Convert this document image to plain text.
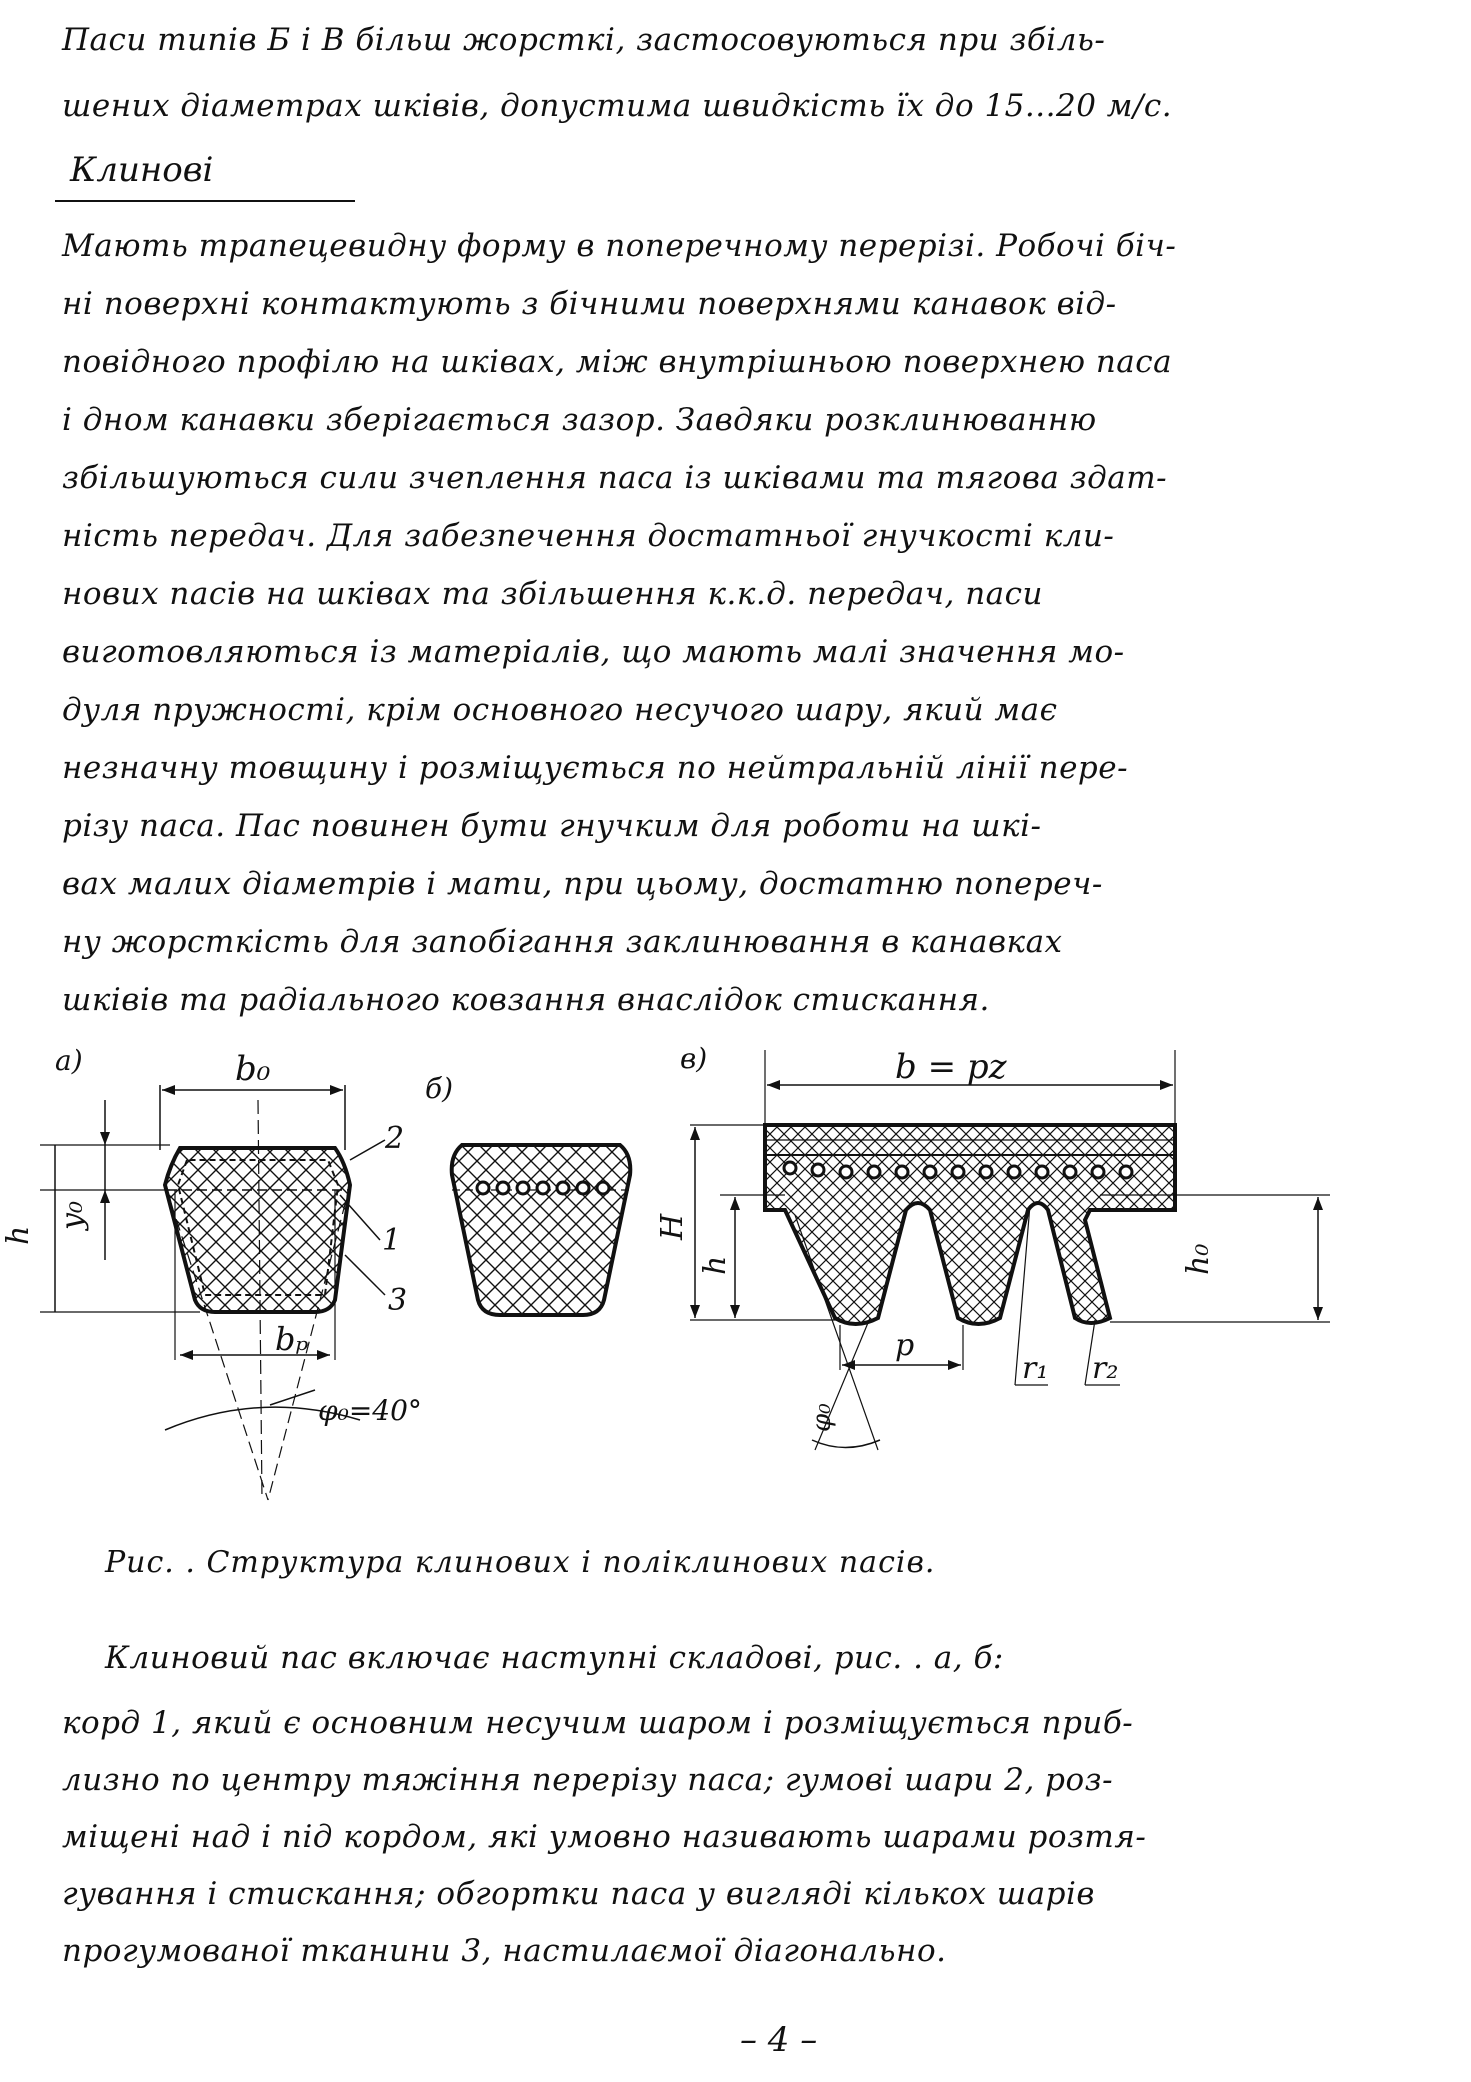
Паси типів Б і В більш жорсткі, застосовуються при збіль-
шених діаметрах шківів, допустима швидкість їх до 15...20 м/с.
Клинові
Мають трапецевидну форму в поперечному перерізі. Робочі біч-
ні поверхні контактують з бічними поверхнями канавок від-
повідного профілю на шківах, між внутрішньою поверхнею паса
і дном канавки зберігається зазор. Завдяки розклинюванню
збільшуються сили зчеплення паса із шківами та тягова здат-
ність передач. Для забезпечення достатньої гнучкості кли-
нових пасів на шківах та збільшення к.к.д. передач, паси
виготовляються із матеріалів, що мають малі значення мо-
дуля пружності, крім основного несучого шару, який має
незначну товщину і розміщується по нейтральній лінії пере-
різу паса. Пас повинен бути гнучким для роботи на шкі-
вах малих діаметрів і мати, при цьому, достатню попереч-
ну жорсткість для запобігання заклинювання в канавках
шківів та радіального ковзання внаслідок стискання.
а)	b₀
bₚ
h
y₀
φ₀=40°
2
1
3
б)
в)	b = pz
H
h	h₀
p
φ₀
r₁ r₂
Рис. . Структура клинових і поліклинових пасів.
Клиновий пас включає наступні складові, рис. . а, б:
корд 1, який є основним несучим шаром і розміщується приб-
лизно по центру тяжіння перерізу паса; гумові шари 2, роз-
міщені над і під кордом, які умовно називають шарами розтя-
гування і стискання; обгортки паса у вигляді кількох шарів
прогумованої тканини 3, настилаємої діагонально.
– 4 –
